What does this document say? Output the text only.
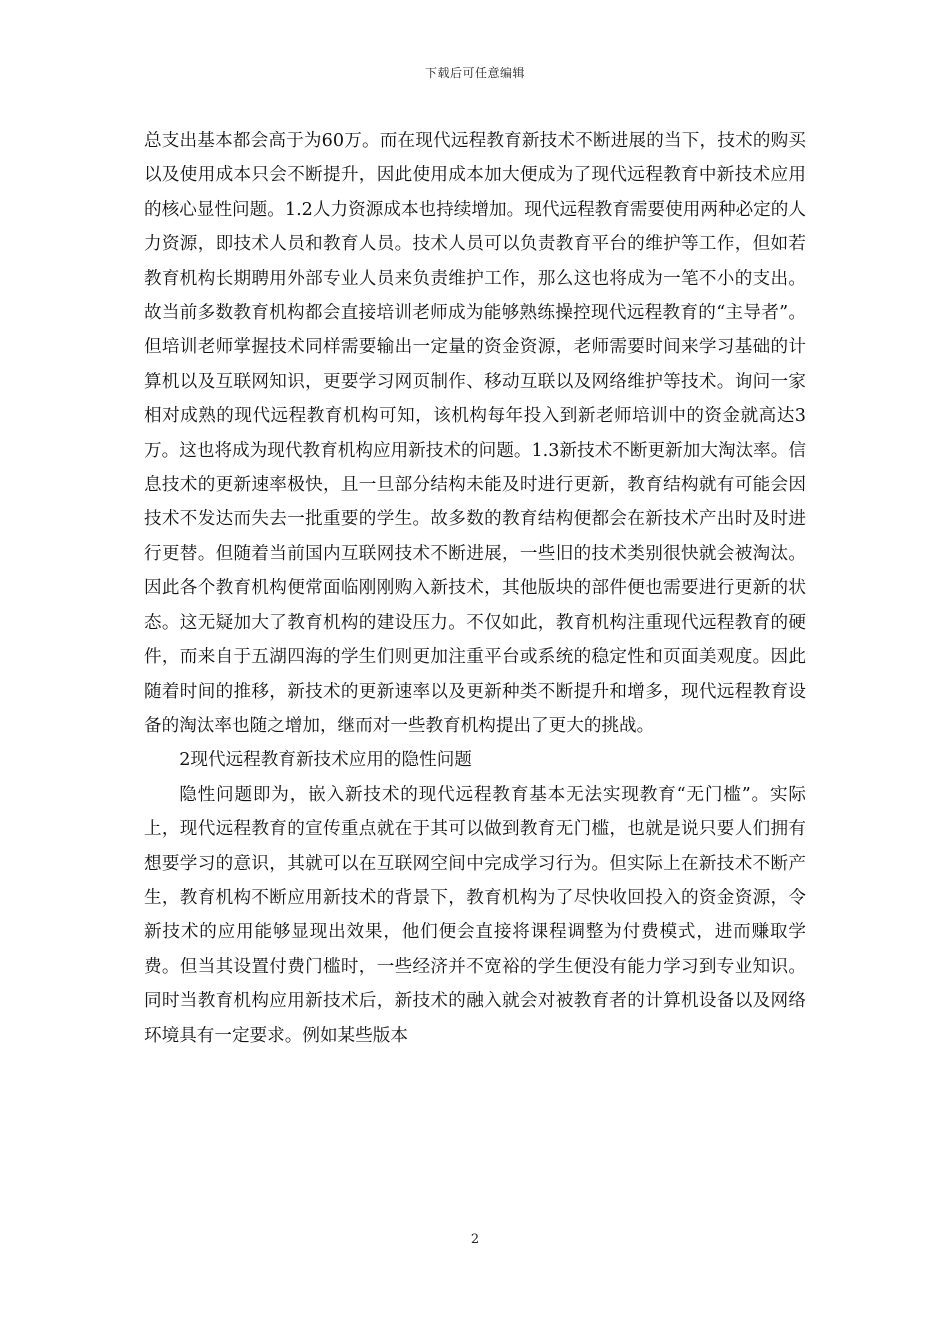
下载后可任意编辑

总支出基本都会高于为60万。而在现代远程教育新技术不断进展的当下，技术的购买以及使用成本只会不断提升，因此使用成本加大便成为了现代远程教育中新技术应用的核心显性问题。1.2人力资源成本也持续增加。现代远程教育需要使用两种必定的人力资源，即技术人员和教育人员。技术人员可以负责教育平台的维护等工作，但如若教育机构长期聘用外部专业人员来负责维护工作，那么这也将成为一笔不小的支出。故当前多数教育机构都会直接培训老师成为能够熟练操控现代远程教育的“主导者”。但培训老师掌握技术同样需要输出一定量的资金资源，老师需要时间来学习基础的计算机以及互联网知识，更要学习网页制作、移动互联以及网络维护等技术。询问一家相对成熟的现代远程教育机构可知，该机构每年投入到新老师培训中的资金就高达3万。这也将成为现代教育机构应用新技术的问题。1.3新技术不断更新加大淘汰率。信息技术的更新速率极快，且一旦部分结构未能及时进行更新，教育结构就有可能会因技术不发达而失去一批重要的学生。故多数的教育结构便都会在新技术产出时及时进行更替。但随着当前国内互联网技术不断进展，一些旧的技术类别很快就会被淘汰。因此各个教育机构便常面临刚刚购入新技术，其他版块的部件便也需要进行更新的状态。这无疑加大了教育机构的建设压力。不仅如此，教育机构注重现代远程教育的硬件，而来自于五湖四海的学生们则更加注重平台或系统的稳定性和页面美观度。因此随着时间的推移，新技术的更新速率以及更新种类不断提升和增多，现代远程教育设备的淘汰率也随之增加，继而对一些教育机构提出了更大的挑战。

2现代远程教育新技术应用的隐性问题

隐性问题即为，嵌入新技术的现代远程教育基本无法实现教育“无门槛”。实际上，现代远程教育的宣传重点就在于其可以做到教育无门槛，也就是说只要人们拥有想要学习的意识，其就可以在互联网空间中完成学习行为。但实际上在新技术不断产生，教育机构不断应用新技术的背景下，教育机构为了尽快收回投入的资金资源，令新技术的应用能够显现出效果，他们便会直接将课程调整为付费模式，进而赚取学费。但当其设置付费门槛时，一些经济并不宽裕的学生便没有能力学习到专业知识。同时当教育机构应用新技术后，新技术的融入就会对被教育者的计算机设备以及网络环境具有一定要求。例如某些版本

2
